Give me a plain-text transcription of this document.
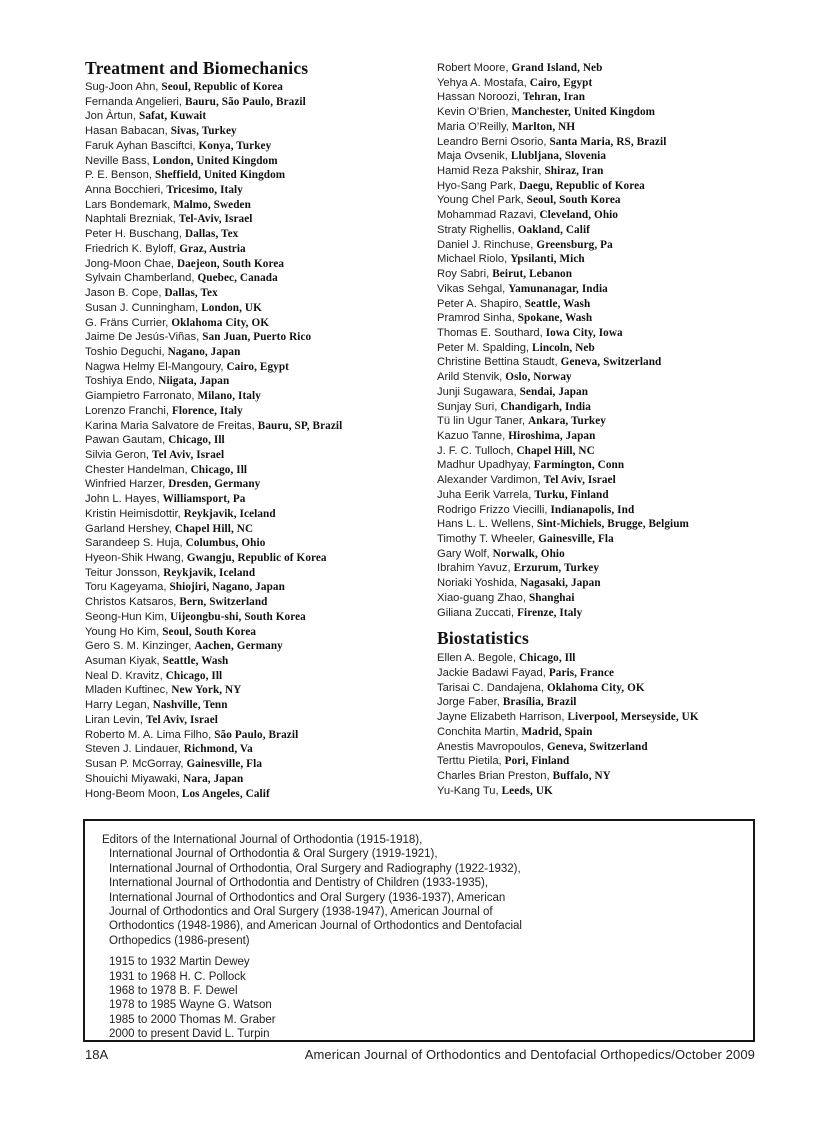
Treatment and Biomechanics
Sug-Joon Ahn, Seoul, Republic of Korea
Fernanda Angelieri, Bauru, São Paulo, Brazil
Jon Àrtun, Safat, Kuwait
Hasan Babacan, Sivas, Turkey
Faruk Ayhan Basciftci, Konya, Turkey
Neville Bass, London, United Kingdom
P. E. Benson, Sheffield, United Kingdom
Anna Bocchieri, Tricesimo, Italy
Lars Bondemark, Malmo, Sweden
Naphtali Brezniak, Tel-Aviv, Israel
Peter H. Buschang, Dallas, Tex
Friedrich K. Byloff, Graz, Austria
Jong-Moon Chae, Daejeon, South Korea
Sylvain Chamberland, Quebec, Canada
Jason B. Cope, Dallas, Tex
Susan J. Cunningham, London, UK
G. Fräns Currier, Oklahoma City, OK
Jaime De Jesús-Viñas, San Juan, Puerto Rico
Toshio Deguchi, Nagano, Japan
Nagwa Helmy El-Mangoury, Cairo, Egypt
Toshiya Endo, Niigata, Japan
Giampietro Farronato, Milano, Italy
Lorenzo Franchi, Florence, Italy
Karina Maria Salvatore de Freitas, Bauru, SP, Brazil
Pawan Gautam, Chicago, Ill
Silvia Geron, Tel Aviv, Israel
Chester Handelman, Chicago, Ill
Winfried Harzer, Dresden, Germany
John L. Hayes, Williamsport, Pa
Kristin Heimisdottir, Reykjavik, Iceland
Garland Hershey, Chapel Hill, NC
Sarandeep S. Huja, Columbus, Ohio
Hyeon-Shik Hwang, Gwangju, Republic of Korea
Teitur Jonsson, Reykjavik, Iceland
Toru Kageyama, Shiojiri, Nagano, Japan
Christos Katsaros, Bern, Switzerland
Seong-Hun Kim, Uijeongbu-shi, South Korea
Young Ho Kim, Seoul, South Korea
Gero S. M. Kinzinger, Aachen, Germany
Asuman Kiyak, Seattle, Wash
Neal D. Kravitz, Chicago, Ill
Mladen Kuftinec, New York, NY
Harry Legan, Nashville, Tenn
Liran Levin, Tel Aviv, Israel
Roberto M. A. Lima Filho, São Paulo, Brazil
Steven J. Lindauer, Richmond, Va
Susan P. McGorray, Gainesville, Fla
Shouichi Miyawaki, Nara, Japan
Hong-Beom Moon, Los Angeles, Calif
Robert Moore, Grand Island, Neb
Yehya A. Mostafa, Cairo, Egypt
Hassan Noroozi, Tehran, Iran
Kevin O’Brien, Manchester, United Kingdom
Maria O’Reilly, Marlton, NH
Leandro Berni Osorio, Santa Maria, RS, Brazil
Maja Ovsenik, Llubljana, Slovenia
Hamid Reza Pakshir, Shiraz, Iran
Hyo-Sang Park, Daegu, Republic of Korea
Young Chel Park, Seoul, South Korea
Mohammad Razavi, Cleveland, Ohio
Straty Righellis, Oakland, Calif
Daniel J. Rinchuse, Greensburg, Pa
Michael Riolo, Ypsilanti, Mich
Roy Sabri, Beirut, Lebanon
Vikas Sehgal, Yamunanagar, India
Peter A. Shapiro, Seattle, Wash
Pramrod Sinha, Spokane, Wash
Thomas E. Southard, Iowa City, Iowa
Peter M. Spalding, Lincoln, Neb
Christine Bettina Staudt, Geneva, Switzerland
Arild Stenvik, Oslo, Norway
Junji Sugawara, Sendai, Japan
Sunjay Suri, Chandigarh, India
Tü lin Ugur Taner, Ankara, Turkey
Kazuo Tanne, Hiroshima, Japan
J. F. C. Tulloch, Chapel Hill, NC
Madhur Upadhyay, Farmington, Conn
Alexander Vardimon, Tel Aviv, Israel
Juha Eerik Varrela, Turku, Finland
Rodrigo Frizzo Viecilli, Indianapolis, Ind
Hans L. L. Wellens, Sint-Michiels, Brugge, Belgium
Timothy T. Wheeler, Gainesville, Fla
Gary Wolf, Norwalk, Ohio
Ibrahim Yavuz, Erzurum, Turkey
Noriaki Yoshida, Nagasaki, Japan
Xiao-guang Zhao, Shanghai
Giliana Zuccati, Firenze, Italy
Biostatistics
Ellen A. Begole, Chicago, Ill
Jackie Badawi Fayad, Paris, France
Tarisai C. Dandajena, Oklahoma City, OK
Jorge Faber, Brasília, Brazil
Jayne Elizabeth Harrison, Liverpool, Merseyside, UK
Conchita Martin, Madrid, Spain
Anestis Mavropoulos, Geneva, Switzerland
Terttu Pietila, Pori, Finland
Charles Brian Preston, Buffalo, NY
Yu-Kang Tu, Leeds, UK
Editors of the International Journal of Orthodontia (1915-1918),
International Journal of Orthodontia & Oral Surgery (1919-1921),
International Journal of Orthodontia, Oral Surgery and Radiography (1922-1932),
International Journal of Orthodontia and Dentistry of Children (1933-1935),
International Journal of Orthodontics and Oral Surgery (1936-1937), American
Journal of Orthodontics and Oral Surgery (1938-1947), American Journal of
Orthodontics (1948-1986), and American Journal of Orthodontics and Dentofacial
Orthopedics (1986-present)
1915 to 1932 Martin Dewey
1931 to 1968 H. C. Pollock
1968 to 1978 B. F. Dewel
1978 to 1985 Wayne G. Watson
1985 to 2000 Thomas M. Graber
2000 to present David L. Turpin
18A	American Journal of Orthodontics and Dentofacial Orthopedics/October 2009
